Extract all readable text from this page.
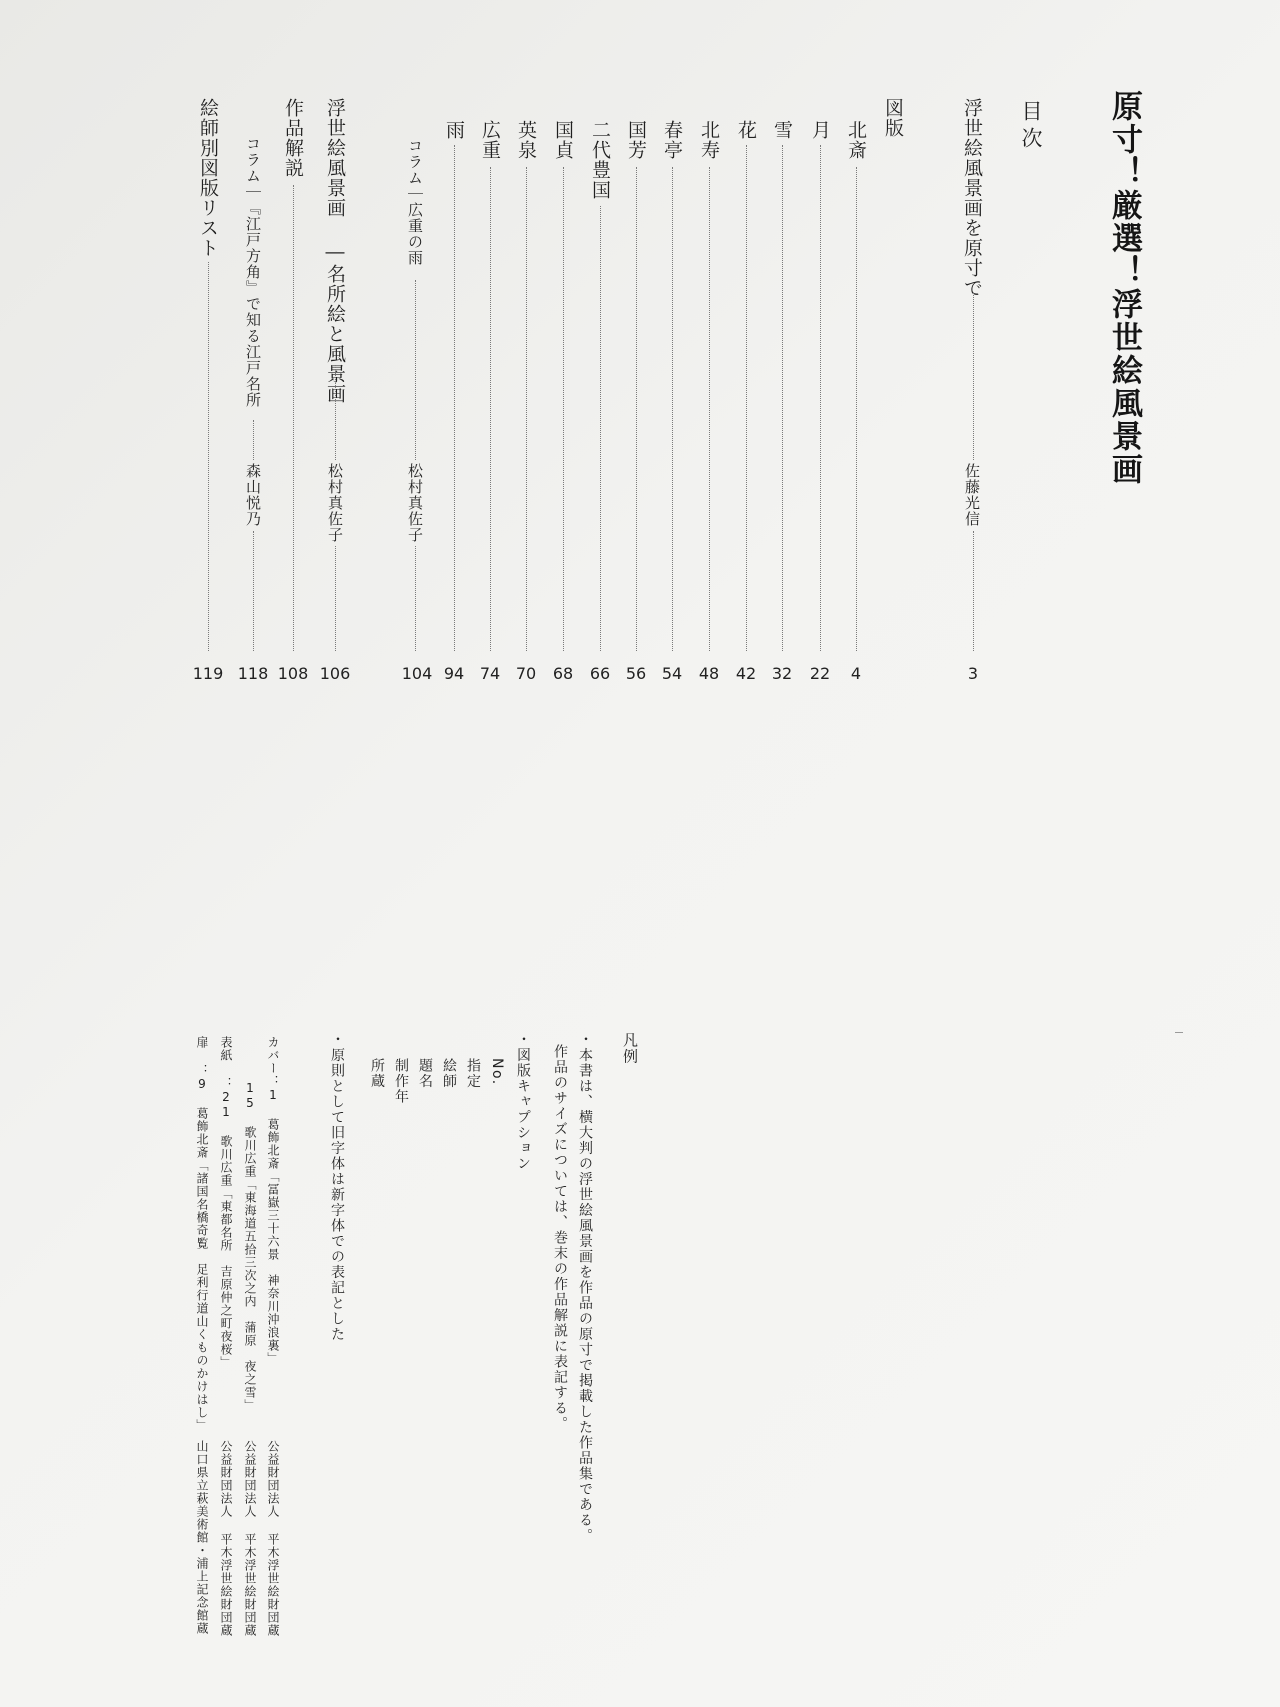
原寸！厳選！浮世絵風景画
目次
浮世絵風景画を原寸で
佐藤光信
3
図版
北斎
4
月
22
雪
32
花
42
北寿
48
春亭
54
国芳
56
二代豊国
66
国貞
68
英泉
70
広重
74
雨
94
コラム｜広重の雨
松村真佐子
104
浮世絵風景画 ―名所絵と風景画
松村真佐子
106
作品解説
108
コラム｜『江戸方角』で知る江戸名所
森山悦乃
118
絵師別図版リスト
119
凡例
・本書は、横大判の浮世絵風景画を作品の原寸で掲載した作品集である。
作品のサイズについては、巻末の作品解説に表記する。
・図版キャプション
No.
指定
絵師
題名
制作年
所蔵
・原則として旧字体は新字体での表記とした
カバー：1 葛飾北斎「冨嶽三十六景　神奈川沖浪裏」
公益財団法人 平木浮世絵財団蔵
15 歌川広重「東海道五拾三次之内　蒲原　夜之雪」
公益財団法人 平木浮世絵財団蔵
表紙 ：21 歌川広重「東都名所　吉原仲之町夜桜」
公益財団法人 平木浮世絵財団蔵
扉 ：9 葛飾北斎「諸国名橋奇覧　足利行道山くものかけはし」
山口県立萩美術館・浦上記念館蔵
